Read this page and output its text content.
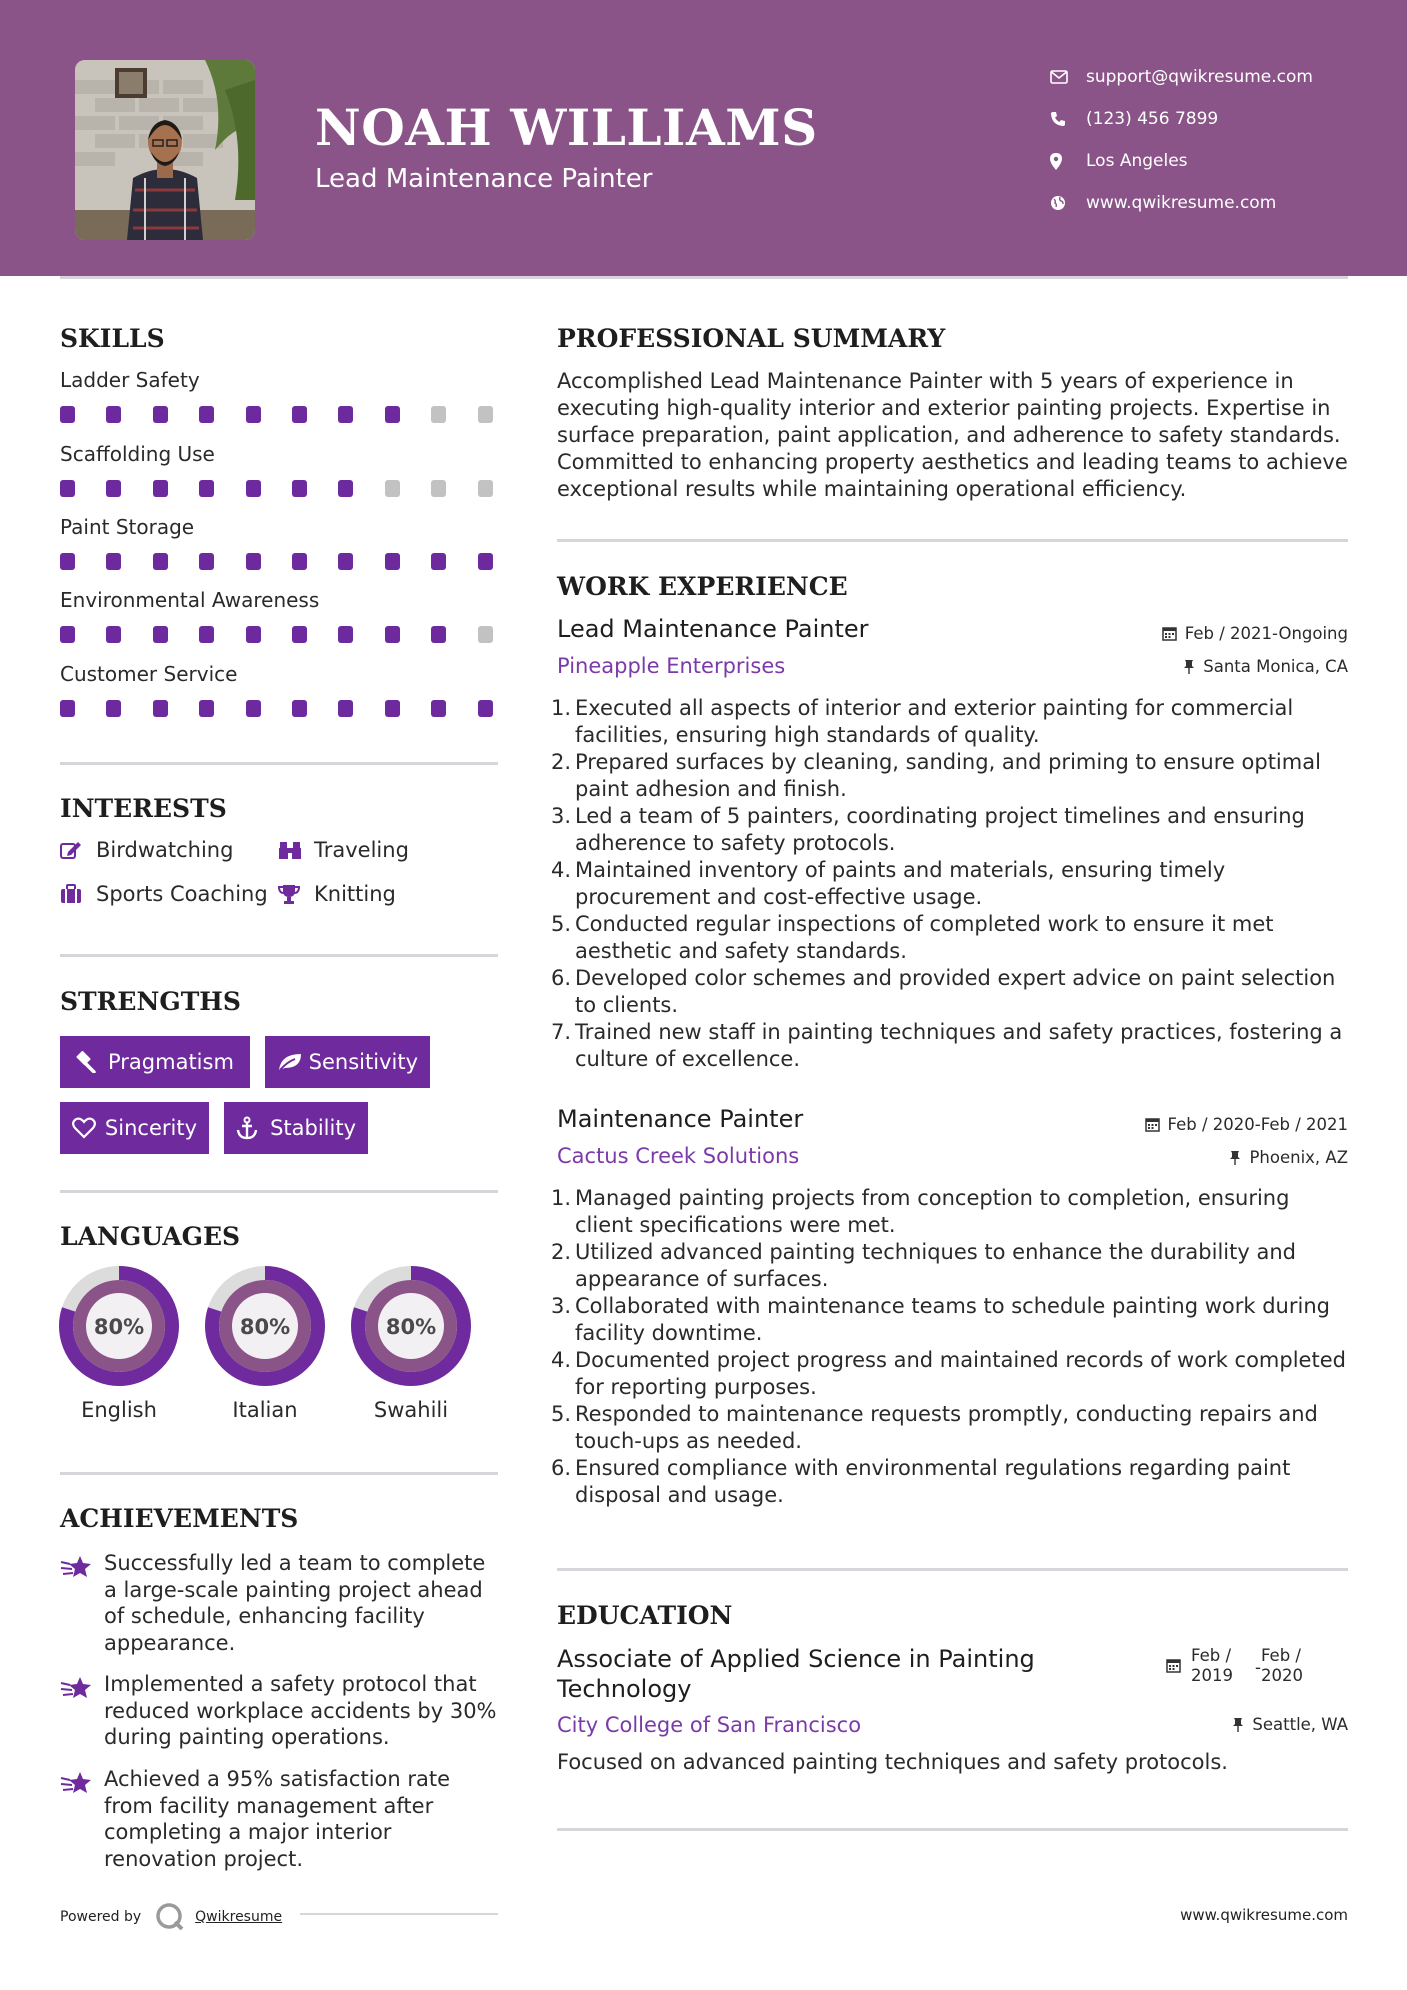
NOAH WILLIAMS
Lead Maintenance Painter
support@qwikresume.com
(123) 456 7899
Los Angeles
www.qwikresume.com
SKILLS
Ladder Safety
Scaffolding Use
Paint Storage
Environmental Awareness
Customer Service
INTERESTS
Birdwatching	Traveling
Sports Coaching Knitting
STRENGTHS
Pragmatism	Sensitivity
Sincerity	Stability
LANGUAGES
80%
English
80%
Italian
80%
Swahili
ACHIEVEMENTS
Successfully led a team to complete a large-scale painting project ahead of schedule, enhancing facility appearance.
Implemented a safety protocol that reduced workplace accidents by 30% during painting operations.
Achieved a 95% satisfaction rate from facility management after completing a major interior renovation project.
Powered by	Qwikresume
PROFESSIONAL SUMMARY
Accomplished Lead Maintenance Painter with 5 years of experience in executing high-quality interior and exterior painting projects. Expertise in surface preparation, paint application, and adherence to safety standards. Committed to enhancing property aesthetics and leading teams to achieve exceptional results while maintaining operational efficiency.
WORK EXPERIENCE
Lead Maintenance Painter	Feb / 2021-Ongoing
Pineapple Enterprises	Santa Monica, CA
1. Executed all aspects of interior and exterior painting for commercial facilities, ensuring high standards of quality.
2. Prepared surfaces by cleaning, sanding, and priming to ensure optimal paint adhesion and finish.
3. Led a team of 5 painters, coordinating project timelines and ensuring adherence to safety protocols.
4. Maintained inventory of paints and materials, ensuring timely procurement and cost-effective usage.
5. Conducted regular inspections of completed work to ensure it met aesthetic and safety standards.
6. Developed color schemes and provided expert advice on paint selection to clients.
7. Trained new staff in painting techniques and safety practices, fostering a culture of excellence.
Maintenance Painter	Feb / 2020-Feb / 2021
Cactus Creek Solutions	Phoenix, AZ
1. Managed painting projects from conception to completion, ensuring client specifications were met.
2. Utilized advanced painting techniques to enhance the durability and appearance of surfaces.
3. Collaborated with maintenance teams to schedule painting work during facility downtime.
4. Documented project progress and maintained records of work completed for reporting purposes.
5. Responded to maintenance requests promptly, conducting repairs and touch-ups as needed.
6. Ensured compliance with environmental regulations regarding paint disposal and usage.
EDUCATION
Associate of Applied Science in Painting Technology
Feb /
2019 -
Feb /
2020
City College of San Francisco	Seattle, WA
Focused on advanced painting techniques and safety protocols.
www.qwikresume.com
